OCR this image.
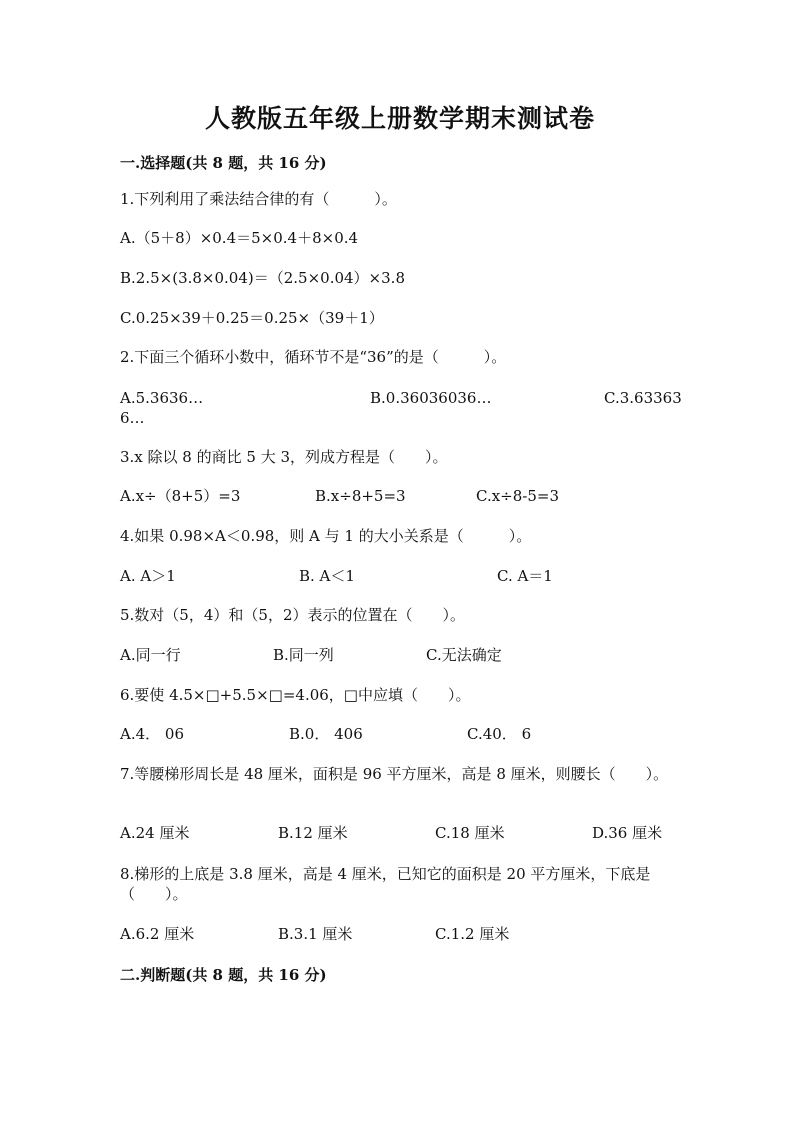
人教版五年级上册数学期末测试卷
一.选择题(共 8 题，共 16 分)
1.下列利用了乘法结合律的有（　　　）。
A.（5＋8）×0.4＝5×0.4＋8×0.4
B.2.5×(3.8×0.04)＝（2.5×0.04）×3.8
C.0.25×39＋0.25＝0.25×（39＋1）
2.下面三个循环小数中，循环节不是“36”的是（　　　）。
A.5.3636…	B.0.36036036…	C.3.63363 6…
3.x 除以 8 的商比 5 大 3，列成方程是（　　）。
A.x÷（8+5）=3	B.x÷8+5=3	C.x÷8-5=3
4.如果 0.98×A＜0.98，则 A 与 1 的大小关系是（　　　）。
A. A＞1	B. A＜1	C. A＝1
5.数对（5，4）和（5，2）表示的位置在（　　）。
A.同一行	B.同一列	C.无法确定
6.要使 4.5×□+5.5×□=4.06，□中应填（　　）。
A.4． 06	B.0． 406	C.40． 6
7.等腰梯形周长是 48 厘米，面积是 96 平方厘米，高是 8 厘米，则腰长（　　）。
A.24 厘米	B.12 厘米	C.18 厘米	D.36 厘米
8.梯形的上底是 3.8 厘米，高是 4 厘米，已知它的面积是 20 平方厘米，下底是（　　）。
A.6.2 厘米	B.3.1 厘米	C.1.2 厘米
二.判断题(共 8 题，共 16 分)
